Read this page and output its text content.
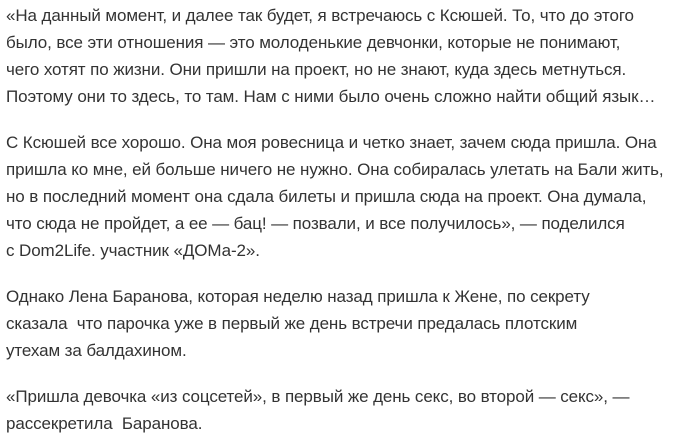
«На данный момент, и далее так будет, я встречаюсь с Ксюшей. То, что до этого
было, все эти отношения — это молоденькие девчонки, которые не понимают,
чего хотят по жизни. Они пришли на проект, но не знают, куда здесь метнуться.
Поэтому они то здесь, то там. Нам с ними было очень сложно найти общий язык…
С Ксюшей все хорошо. Она моя ровесница и четко знает, зачем сюда пришла. Она
пришла ко мне, ей больше ничего не нужно. Она собиралась улетать на Бали жить,
но в последний момент она сдала билеты и пришла сюда на проект. Она думала,
что сюда не пройдет, а ее — бац! — позвали, и все получилось», — поделился
с Dom2Life. участник «ДОМа-2».
Однако Лена Баранова, которая неделю назад пришла к Жене, по секрету
сказала  что парочка уже в первый же день встречи предалась плотским
утехам за балдахином.
«Пришла девочка «из соцсетей», в первый же день секс, во второй — секс», —
рассекретила  Баранова.
